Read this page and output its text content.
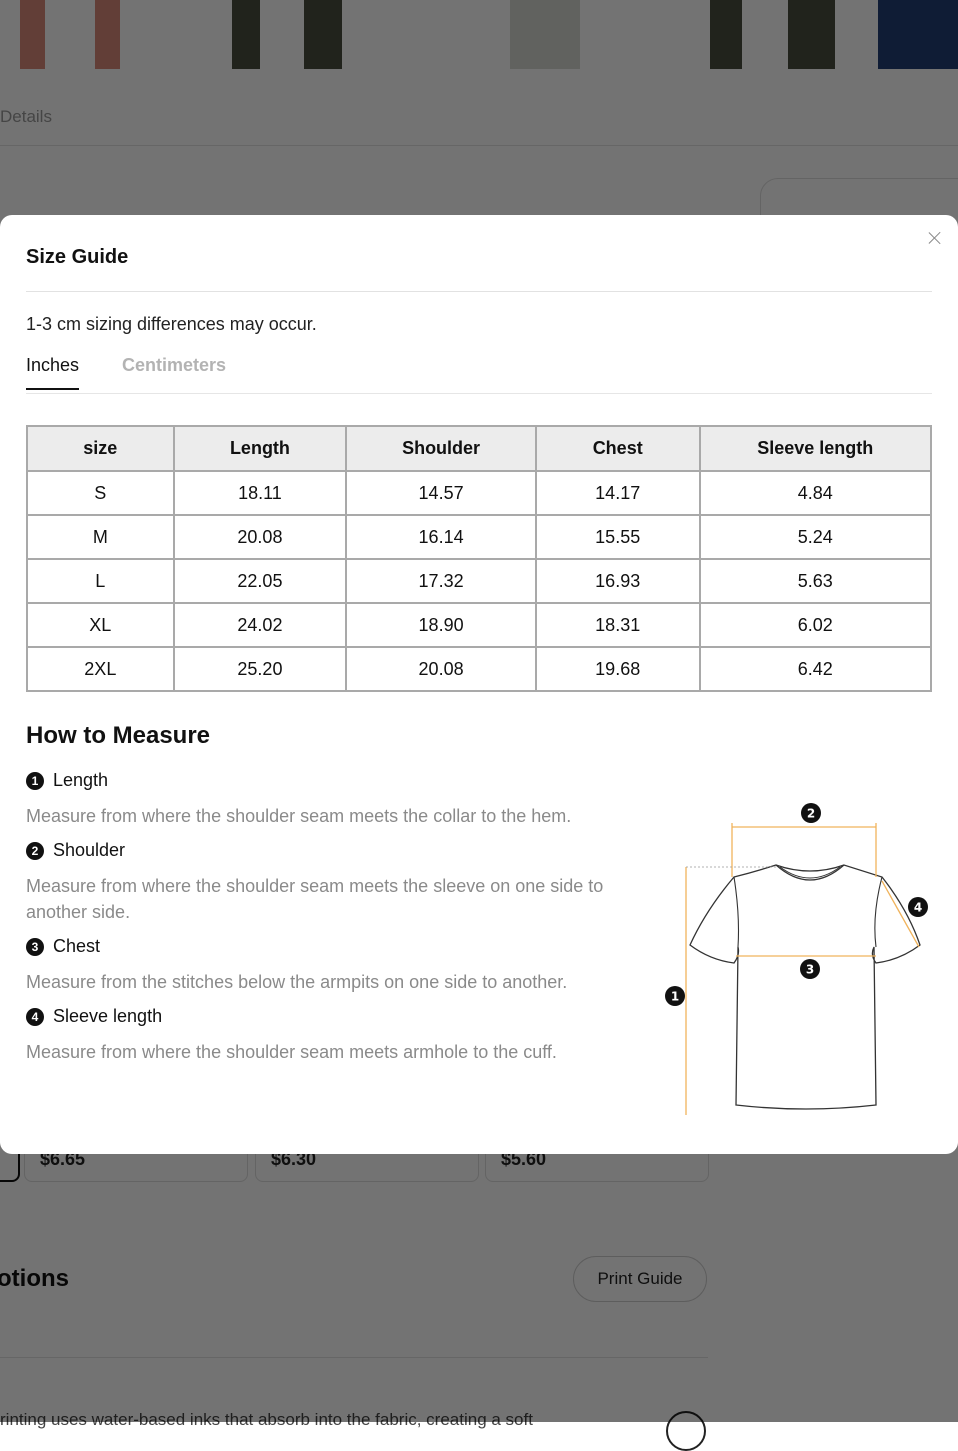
Size Guide
1-3 cm sizing differences may occur.
Inches Centimeters
size	Length	Shoulder	Chest	Sleeve length
S	18.11	14.57	14.17	4.84
M	20.08	16.14	15.55	5.24
L	22.05	17.32	16.93	5.63
XL	24.02	18.90	18.31	6.02
2XL	25.20	20.08	19.68	6.42
How to Measure
1 Length
Measure from where the shoulder seam meets the collar to the hem.
2 Shoulder
Measure from where the shoulder seam meets the sleeve on one side to another side.
3 Chest
Measure from the stitches below the armpits on one side to another.
4 Sleeve length
Measure from where the shoulder seam meets armhole to the cuff.
2
4
3
1
